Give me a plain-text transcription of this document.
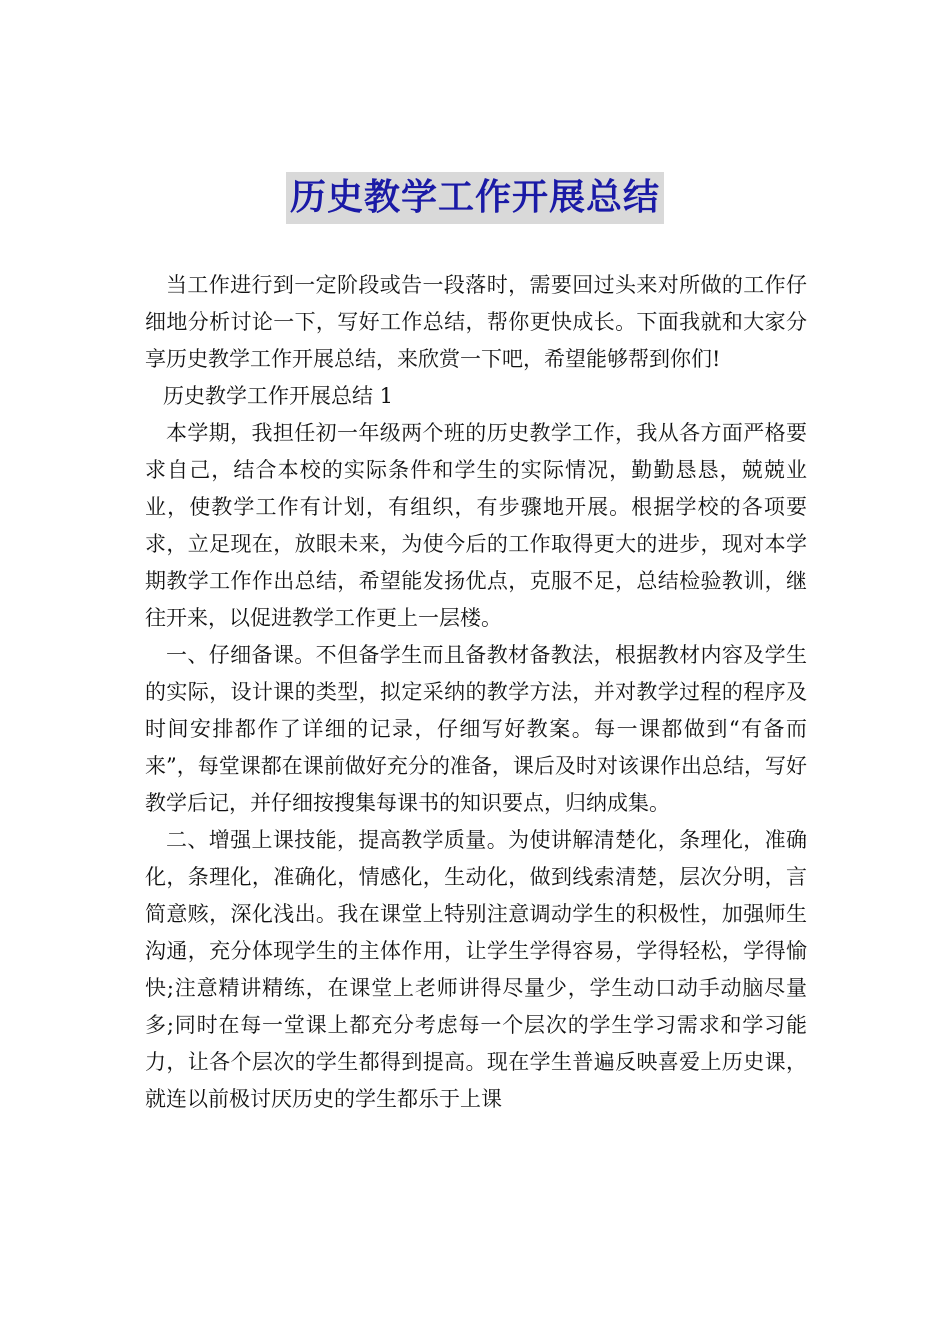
历史教学工作开展总结

当工作进行到一定阶段或告一段落时，需要回过头来对所做的工作仔细地分析讨论一下，写好工作总结，帮你更快成长。下面我就和大家分享历史教学工作开展总结，来欣赏一下吧，希望能够帮到你们!

历史教学工作开展总结 1

本学期，我担任初一年级两个班的历史教学工作，我从各方面严格要求自己，结合本校的实际条件和学生的实际情况，勤勤恳恳，兢兢业业，使教学工作有计划，有组织，有步骤地开展。根据学校的各项要求，立足现在，放眼未来，为使今后的工作取得更大的进步，现对本学期教学工作作出总结，希望能发扬优点，克服不足，总结检验教训，继往开来，以促进教学工作更上一层楼。

一、仔细备课。不但备学生而且备教材备教法，根据教材内容及学生的实际，设计课的类型，拟定采纳的教学方法，并对教学过程的程序及时间安排都作了详细的记录，仔细写好教案。每一课都做到“有备而来”，每堂课都在课前做好充分的准备，课后及时对该课作出总结，写好教学后记，并仔细按搜集每课书的知识要点，归纳成集。

二、增强上课技能，提高教学质量。为使讲解清楚化，条理化，准确化，条理化，准确化，情感化，生动化，做到线索清楚，层次分明，言简意赅，深化浅出。我在课堂上特别注意调动学生的积极性，加强师生沟通，充分体现学生的主体作用，让学生学得容易，学得轻松，学得愉快;注意精讲精练，在课堂上老师讲得尽量少，学生动口动手动脑尽量多;同时在每一堂课上都充分考虑每一个层次的学生学习需求和学习能力，让各个层次的学生都得到提高。现在学生普遍反映喜爱上历史课，就连以前极讨厌历史的学生都乐于上课
